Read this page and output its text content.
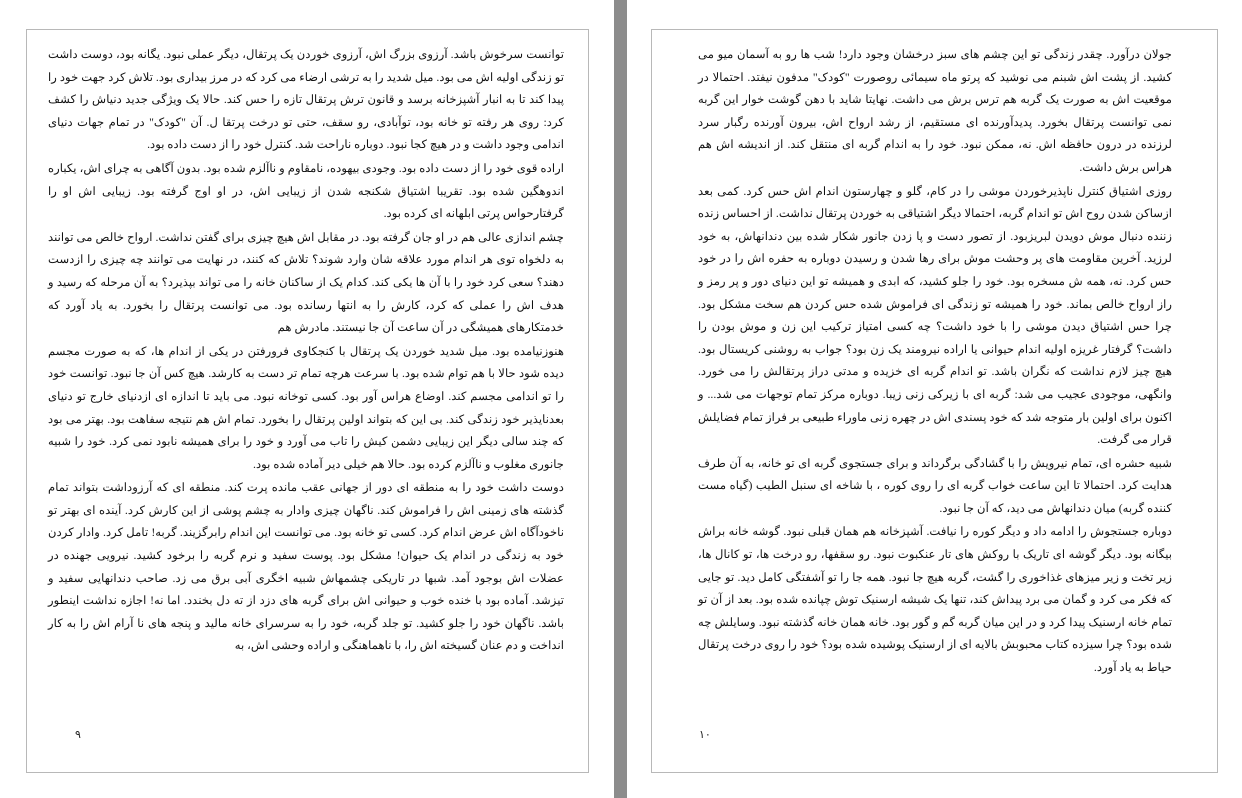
توانست سرخوش باشد. آرزوی بزرگ اش، آرزوی خوردن یک پرتقال، دیگر عملی نبود. یگانه بود، دوست داشت تو زندگی اولیه اش می بود. میل شدید را به ترشی ارضاء می کرد که در مرز بیداری بود. تلاش کرد جهت خود را پیدا کند تا به انبار آشپزخانه برسد و قانون ترش پرتقال تازه را حس کند. حالا یک ویژگی جدید دنیاش را کشف کرد: روی هر رفته تو خانه بود، توآبادی، رو سقف، حتی تو درخت پرتقا ل. آن "کودک" در تمام جهات دنیای اندامی وجود داشت و در هیچ کجا نبود. دوباره ناراحت شد. کنترل خود را از دست داده بود.

اراده قوی خود را از دست داده بود. وجودی بیهوده، نامقاوم و ناآلزم شده بود. بدون آگاهی به چرای اش، یکباره اندوهگین شده بود. تقریبا اشتیاق شکنجه شدن از زیبایی اش، در او اوج گرفته بود. زیبایی اش او را گرفتارحواس پرتی ابلهانه ای کرده بود.

چشم اندازی عالی هم در او جان گرفته بود. در مقابل اش هیچ چیزی برای گفتن نداشت. ارواح خالص می توانند به دلخواه توی هر اندام مورد علاقه شان وارد شوند؟ تلاش که کنند، در نهایت می توانند چه چیزی را ازدست دهند؟ سعی کرد خود را با آن ها یکی کند. کدام یک از ساکنان خانه را می تواند بپذیرد؟ به آن مرحله که رسید و هدف اش را عملی که کرد، کارش را به انتها رسانده بود. می توانست پرتقال را بخورد. به یاد آورد که خدمتکارهای همیشگی در آن ساعت آن جا نیستند. مادرش هم

هنوزنیامده بود. میل شدید خوردن یک پرتقال با کنجکاوی فرورفتن در یکی از اندام ها، که به صورت مجسم دیده شود حالا با هم توام شده بود. با سرعت هرچه تمام تر دست به کارشد. هیچ کس آن جا نبود. توانست خود را تو اندامی مجسم کند. اوضاع هراس آور بود. کسی توخانه نبود. می باید تا اندازه ای ازدنیای خارج تو دنیای بعدنایذیر خود زندگی کند. بی این که بتواند اولین پرتقال را بخورد. تمام اش هم نتیجه سفاهت بود. بهتر می بود که چند سالی دیگر این زیبایی دشمن کیش را تاب می آورد و خود را برای همیشه نابود نمی کرد. خود را شبیه جانوری مغلوب و ناآلزم کرده بود. حالا هم خیلی دیر آماده شده بود.

دوست داشت خود را به منطقه ای دور از جهانی عقب مانده پرت کند. منطقه ای که آرزوداشت بتواند تمام گذشته های زمینی اش را فراموش کند. ناگهان چیزی وادار به چشم پوشی از این کارش کرد. آینده ای بهتر تو ناخودآگاه اش عرض اندام کرد. کسی تو خانه بود. می توانست این اندام رابرگزیند. گربه! تامل کرد. وادار کردن خود به زندگی در اندام یک حیوان! مشکل بود. پوست سفید و نرم گربه را برخود کشید. نیرویی جهنده در عضلات اش بوجود آمد. شبها در تاریکی چشمهاش شبیه اخگری آبی برق می زد. صاحب دندانهایی سفید و تیزشد. آماده بود با خنده خوب و حیوانی اش برای گربه های دزد از ته دل بخندد. اما نه! اجازه نداشت اینطور باشد. ناگهان خود را جلو کشید. تو جلد گربه، خود را به سرسرای خانه مالید و پنجه های نا آرام اش را به کار انداخت و دم عنان گسیخته اش را، با ناهماهنگی و اراده وحشی اش، به

۹

جولان درآورد. چقدر زندگی تو این چشم های سبز درخشان وجود دارد! شب ها رو به آسمان میو می کشید. از پشت اش شبنم می نوشید که پرتو ماه سیمائی روصورت "کودک" مدفون نیفتد. احتمالا در موقعیت اش به صورت یک گربه هم ترس برش می داشت. نهایتا شاید با دهن گوشت خوار این گربه نمی توانست پرتقال بخورد. پدیدآورنده ای مستقیم، از رشد ارواح اش، بیرون آورنده رگبار سرد لرزنده در درون حافظه اش. نه، ممکن نبود. خود را به اندام گربه ای منتقل کند. از اندیشه اش هم هراس برش داشت.

روزی اشتیاق کنترل ناپذیرخوردن موشی را در کام، گلو و چهارستون اندام اش حس کرد. کمی بعد ازساکن شدن روح اش تو اندام گربه، احتمالا دیگر اشتیاقی به خوردن پرتقال نداشت. از احساس زنده زننده دنبال موش دویدن لبریزبود. از تصور دست و پا زدن جانور شکار شده بین دندانهاش، به خود لرزید. آخرین مقاومت های پر وحشت موش برای رها شدن و رسیدن دوباره به حفره اش را در خود حس کرد. نه، همه ش مسخره بود. خود را جلو کشید، که ابدی و همیشه تو این دنیای دور و پر رمز و راز ارواح خالص بماند. خود را همیشه تو زندگی ای فراموش شده حس کردن هم سخت مشکل بود. چرا حس اشتیاق دیدن موشی را با خود داشت؟ چه کسی امتیاز ترکیب این زن و موش بودن را داشت؟ گرفتار غریزه اولیه اندام حیوانی یا اراده نیرومند یک زن بود؟ جواب به روشنی کریستال بود. هیچ چیز لازم نداشت که نگران باشد. تو اندام گربه ای خزیده و مدتی دراز پرتقالش را می خورد. وانگهی، موجودی عجیب می شد: گربه ای با زیرکی زنی زیبا. دوباره مرکز تمام توجهات می شد... و اکنون برای اولین بار متوجه شد که خود پسندی اش در چهره زنی ماوراء طبیعی بر فراز تمام فضایلش قرار می گرفت.

شبیه حشره ای، تمام نیرویش را با گشادگی برگرداند و برای جستجوی گربه ای تو خانه، به آن طرف هدایت کرد. احتمالا تا این ساعت خواب گربه ای را روی کوره ، با شاخه ای سنبل الطیب (گیاه مست کننده گربه) میان دندانهاش می دید، که آن جا نبود.

دوباره جستجوش را ادامه داد و دیگر کوره را نیافت. آشپزخانه هم همان قبلی نبود. گوشه خانه براش بیگانه بود. دیگر گوشه ای تاریک با روکش های تار عنکبوت نبود. رو سقفها، رو درخت ها، تو کانال ها، زیر تخت و زیر میزهای غذاخوری را گشت، گربه هیچ جا نبود. همه جا را تو آشفتگی کامل دید. تو جایی که فکر می کرد و گمان می برد پیداش کند، تنها یک شیشه ارسنیک توش چپانده شده بود. بعد از آن تو تمام خانه ارسنیک پیدا کرد و در این میان گربه گم و گور بود. خانه همان خانه گذشته نبود. وسایلش چه شده بود؟ چرا سیزده کتاب محبوبش بالایه ای از ارسنیک پوشیده شده بود؟ خود را روی درخت پرتقال حیاط به یاد آورد.

۱۰
